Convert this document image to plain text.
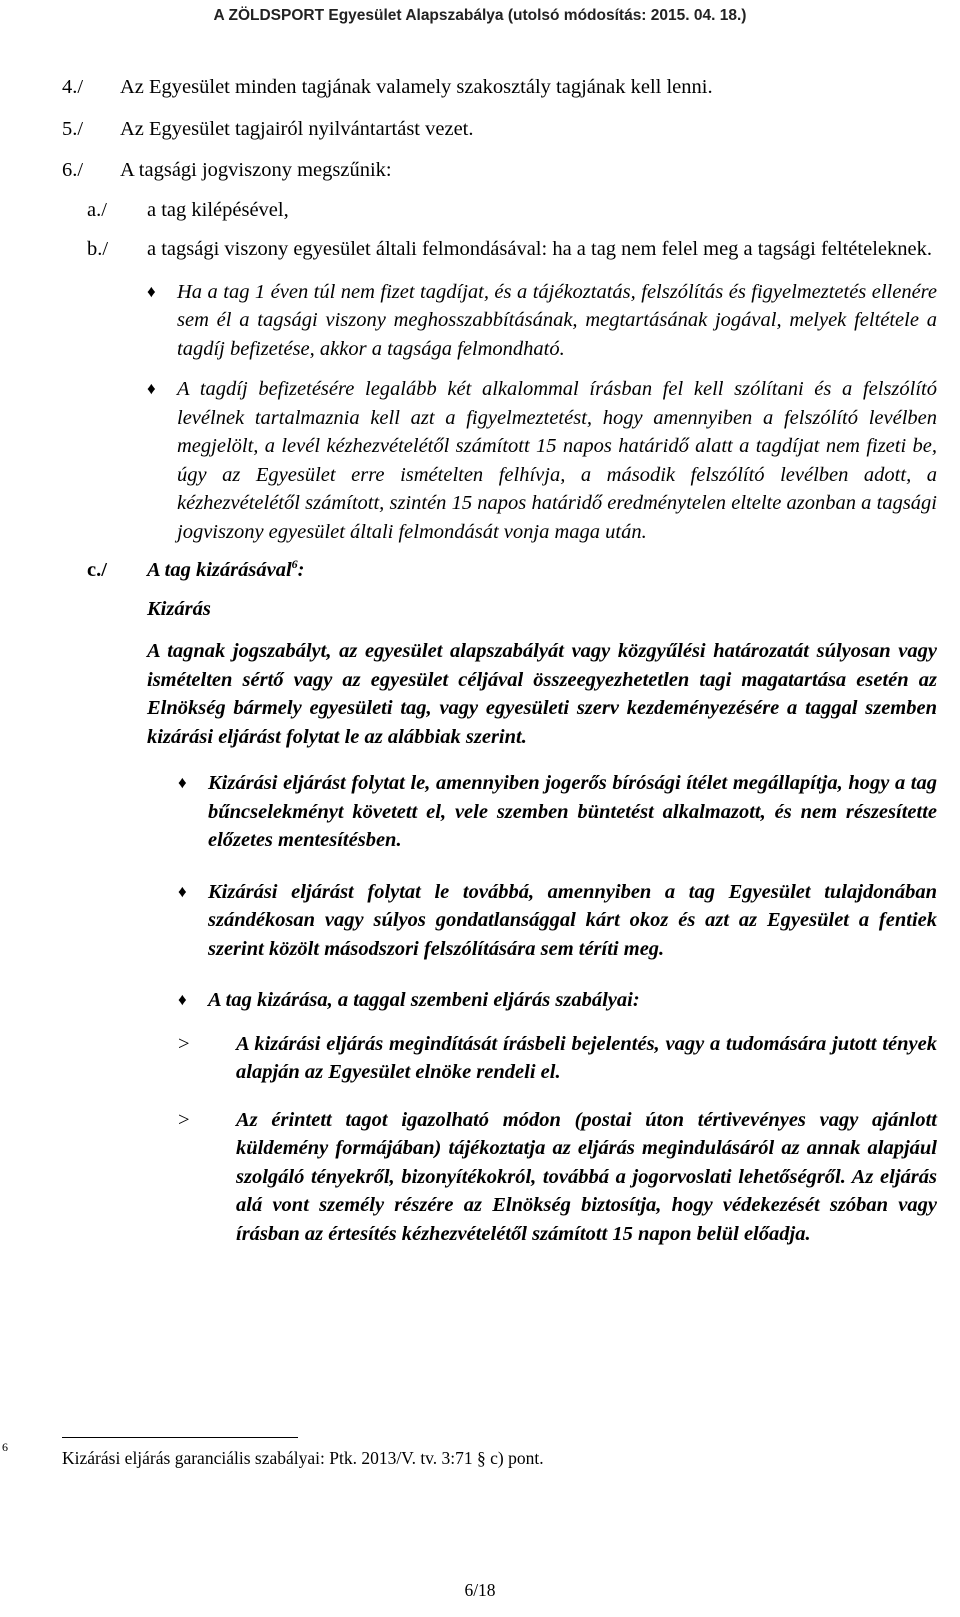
A ZÖLDSPORT Egyesület Alapszabálya (utolsó módosítás: 2015. 04. 18.)
4./	Az Egyesület minden tagjának valamely szakosztály tagjának kell lenni.
5./	Az Egyesület tagjairól nyilvántartást vezet.
6./	A tagsági jogviszony megszűnik:
a./	a tag kilépésével,
b./	a tagsági viszony egyesület általi felmondásával: ha a tag nem felel meg a tagsági feltételeknek.
♦	Ha a tag 1 éven túl nem fizet tagdíjat, és a tájékoztatás, felszólítás és figyelmeztetés ellenére sem él a tagsági viszony meghosszabbításának, megtartásának jogával, melyek feltétele a tagdíj befizetése, akkor a tagsága felmondható.
♦	A tagdíj befizetésére legalább két alkalommal írásban fel kell szólítani és a felszólító levélnek tartalmaznia kell azt a figyelmeztetést, hogy amennyiben a felszólító levélben megjelölt, a levél kézhezvételétől számított 15 napos határidő alatt a tagdíjat nem fizeti be, úgy az Egyesület erre ismételten felhívja, a második felszólító levélben adott, a kézhezvételétől számított, szintén 15 napos határidő eredménytelen eltelte azonban a tagsági jogviszony egyesület általi felmondását vonja maga után.
c./	A tag kizárásával$^6$:
Kizárás
A tagnak jogszabályt, az egyesület alapszabályát vagy közgyűlési határozatát súlyosan vagy ismételten sértő vagy az egyesület céljával összeegyezhetetlen tagi magatartása esetén az Elnökség bármely egyesületi tag, vagy egyesületi szerv kezdeményezésére a taggal szemben kizárási eljárást folytat le az alábbiak szerint.
♦	Kizárási eljárást folytat le, amennyiben jogerős bírósági ítélet megállapítja, hogy a tag bűncselekményt követett el, vele szemben büntetést alkalmazott, és nem részesítette előzetes mentesítésben.
♦	Kizárási eljárást folytat le továbbá, amennyiben a tag Egyesület tulajdonában szándékosan vagy súlyos gondatlansággal kárt okoz és azt az Egyesület a fentiek szerint közölt másodszori felszólítására sem téríti meg.
♦	A tag kizárása, a taggal szembeni eljárás szabályai:
>	A kizárási eljárás megindítását írásbeli bejelentés, vagy a tudomására jutott tények alapján az Egyesület elnöke rendeli el.
>	Az érintett tagot igazolható módon (postai úton tértivevényes vagy ajánlott küldemény formájában) tájékoztatja az eljárás megindulásáról az annak alapjául szolgáló tényekről, bizonyítékokról, továbbá a jogorvoslati lehetőségről. Az eljárás alá vont személy részére az Elnökség biztosítja, hogy védekezését szóban vagy írásban az értesítés kézhezvételétől számított 15 napon belül előadja.
6
Kizárási eljárás garanciális szabályai: Ptk. 2013/V. tv. 3:71 § c) pont.
6/18
